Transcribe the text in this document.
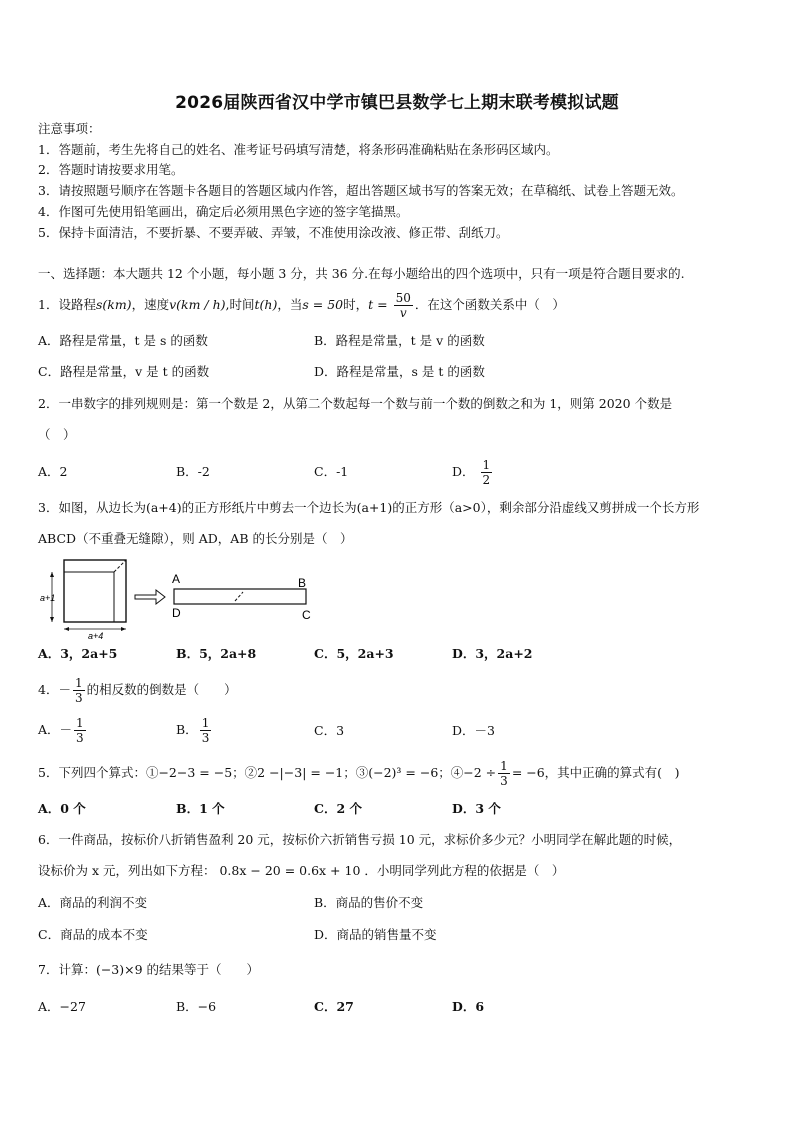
2026届陕西省汉中学市镇巴县数学七上期末联考模拟试题
注意事项：
1．答题前，考生先将自己的姓名、准考证号码填写清楚，将条形码准确粘贴在条形码区域内。
2．答题时请按要求用笔。
3．请按照题号顺序在答题卡各题目的答题区域内作答，超出答题区域书写的答案无效；在草稿纸、试卷上答题无效。
4．作图可先使用铅笔画出，确定后必须用黑色字迹的签字笔描黑。
5．保持卡面清洁，不要折暴、不要弄破、弄皱，不准使用涂改液、修正带、刮纸刀。
一、选择题：本大题共 12 个小题，每小题 3 分，共 36 分.在每小题给出的四个选项中，只有一项是符合题目要求的.
1．设路程s(km)，速度v(km / h),时间t(h)，当s = 50时，$t = \frac{50}{v}$ ．在这个函数关系中（　）
A．路程是常量，t 是 s 的函数	B．路程是常量，t 是 v 的函数
C．路程是常量，v 是 t 的函数	D．路程是常量，s 是 t 的函数
2．一串数字的排列规则是：第一个数是 2，从第二个数起每一个数与前一个数的倒数之和为 1，则第 2020 个数是
（　）
A．2	B．-2	C．-1	D． $\frac{1}{2}$
3．如图，从边长为(a+4)的正方形纸片中剪去一个边长为(a+1)的正方形（a>0），剩余部分沿虚线又剪拼成一个长方形
ABCD（不重叠无缝隙），则 AD，AB 的长分别是（　）
a+1
a+4
A	B
C
D
A．3，2a+5	B．5，2a+8	C．5，2a+3	D．3，2a+2
4．－ $\frac{1}{3}$ 的相反数的倒数是（　　）
A．－ $\frac{1}{3}$	B． $\frac{1}{3}$	C．3	D．－3
5．下列四个算式：①−2−3 = −5；②2 −|−3| = −1；③(−2)³ = −6；④−2 ÷ $\frac{1}{3} = -6$，其中正确的算式有(　)
A．0 个	B．1 个	C．2 个	D．3 个
6．一件商品，按标价八折销售盈利 20 元，按标价六折销售亏损 10 元，求标价多少元？小明同学在解此题的时候，
设标价为 x 元，列出如下方程： 0.8x − 20 = 0.6x + 10 ．小明同学列此方程的依据是（　）
A．商品的利润不变	B．商品的售价不变
C．商品的成本不变	D．商品的销售量不变
7．计算：(−3)×9 的结果等于（　　）
A．−27	B．−6	C．27	D．6
